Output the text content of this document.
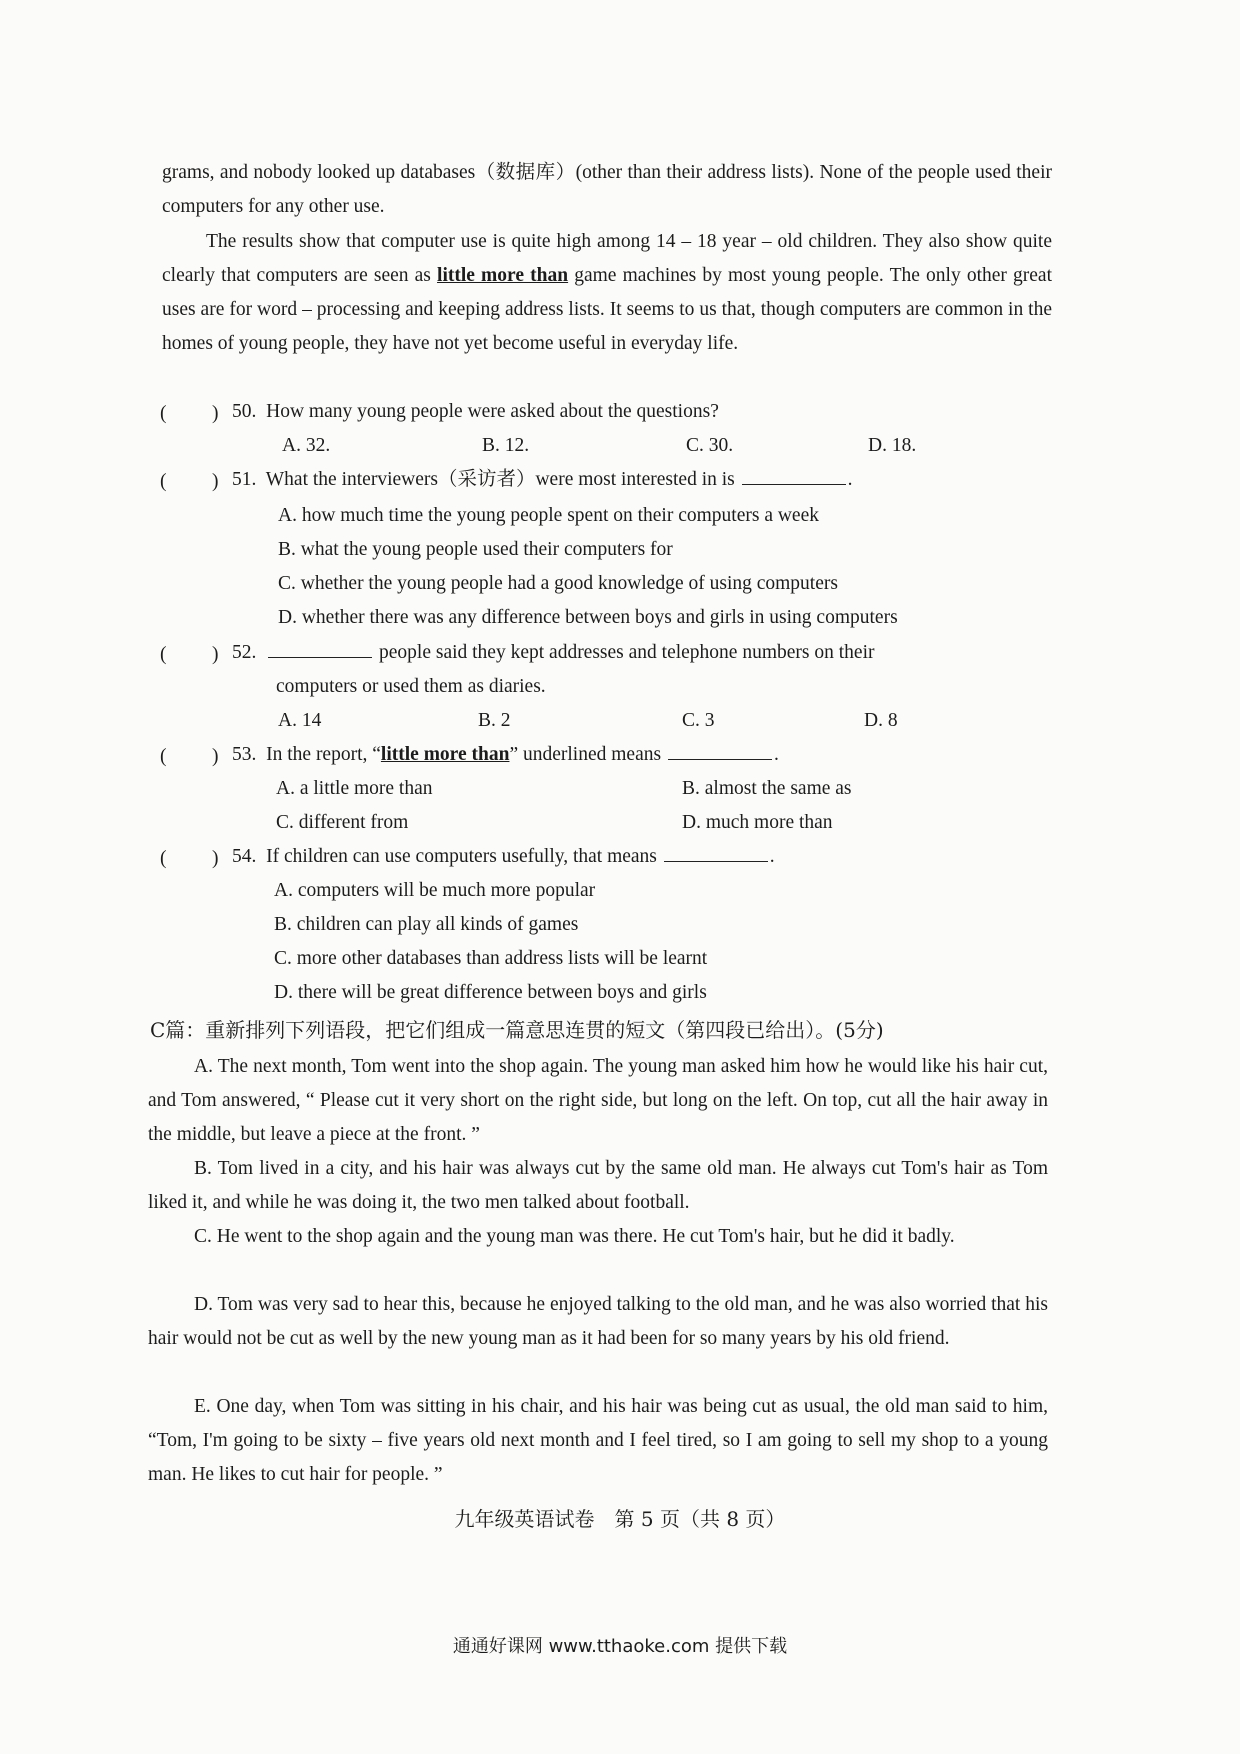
grams, and nobody looked up databases（数据库）(other than their address lists). None of the people used their computers for any other use.

The results show that computer use is quite high among 14 – 18 year – old children. They also show quite clearly that computers are seen as little more than game machines by most young people. The only other great uses are for word – processing and keeping address lists. It seems to us that, though computers are common in the homes of young people, they have not yet become useful in everyday life.

( ) 50. How many young people were asked about the questions?
A. 32.	B. 12.	C. 30.	D. 18.
( ) 51. What the interviewers（采访者）were most interested in is	.
A. how much time the young people spent on their computers a week
B. what the young people used their computers for
C. whether the young people had a good knowledge of using computers
D. whether there was any difference between boys and girls in using computers
( ) 52.	people said they kept addresses and telephone numbers on their
computers or used them as diaries.
A. 14	B. 2	C. 3	D. 8
( ) 53. In the report, “little more than” underlined means	.
A. a little more than	B. almost the same as
C. different from	D. much more than
( ) 54. If children can use computers usefully, that means	.
A. computers will be much more popular
B. children can play all kinds of games
C. more other databases than address lists will be learnt
D. there will be great difference between boys and girls
C篇：重新排列下列语段，把它们组成一篇意思连贯的短文（第四段已给出）。(5分)

A. The next month, Tom went into the shop again. The young man asked him how he would like his hair cut, and Tom answered, “ Please cut it very short on the right side, but long on the left. On top, cut all the hair away in the middle, but leave a piece at the front. ”

B. Tom lived in a city, and his hair was always cut by the same old man. He always cut Tom's hair as Tom liked it, and while he was doing it, the two men talked about football.

C. He went to the shop again and the young man was there. He cut Tom's hair, but he did it badly.

D. Tom was very sad to hear this, because he enjoyed talking to the old man, and he was also worried that his hair would not be cut as well by the new young man as it had been for so many years by his old friend.

E. One day, when Tom was sitting in his chair, and his hair was being cut as usual, the old man said to him, “Tom, I'm going to be sixty – five years old next month and I feel tired, so I am going to sell my shop to a young man. He likes to cut hair for people. ”

九年级英语试卷　第 5 页（共 8 页）
通通好课网 www.tthaoke.com 提供下载
